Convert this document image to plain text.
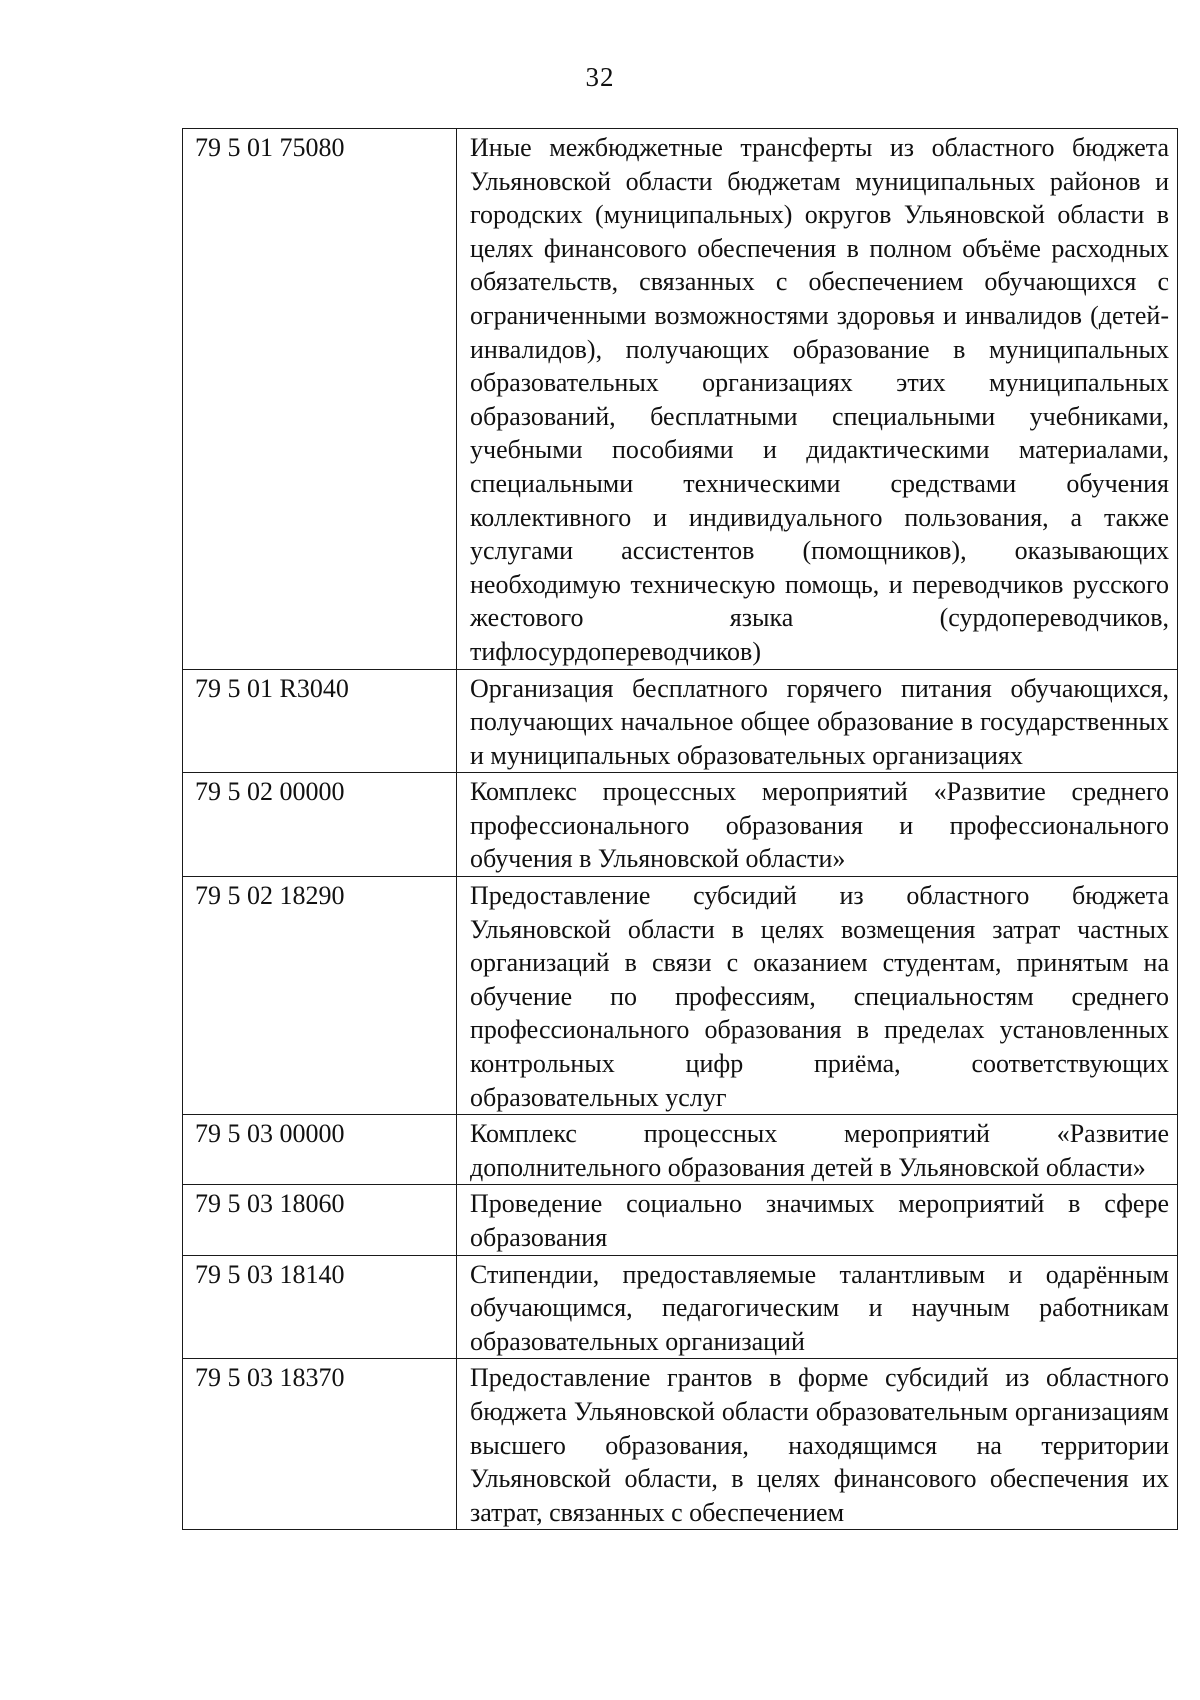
32
79 5 01 75080	Иные межбюджетные трансферты из областного бюджета Ульяновской области бюджетам муниципальных районов и городских (муниципальных) округов Ульяновской области в целях финансового обеспечения в полном объёме расходных обязательств, связанных с обеспечением обучающихся с ограниченными возможностями здоровья и инвалидов (детей-инвалидов), получающих образование в муниципальных образовательных организациях этих муниципальных образований, бесплатными специальными учебниками, учебными пособиями и дидактическими материалами, специальными техническими средствами обучения коллективного и индивидуального пользования, а также услугами ассистентов (помощников), оказывающих необходимую техническую помощь, и переводчиков русского жестового языка (сурдопереводчиков, тифлосурдопереводчиков)
79 5 01 R3040	Организация бесплатного горячего питания обучающихся, получающих начальное общее образование в государственных и муниципальных образовательных организациях
79 5 02 00000	Комплекс процессных мероприятий «Развитие среднего профессионального образования и профессионального обучения в Ульяновской области»
79 5 02 18290	Предоставление субсидий из областного бюджета Ульяновской области в целях возмещения затрат частных организаций в связи с оказанием студентам, принятым на обучение по профессиям, специальностям среднего профессионального образования в пределах установленных контрольных цифр приёма, соответствующих образовательных услуг
79 5 03 00000	Комплекс процессных мероприятий «Развитие дополнительного образования детей в Ульяновской области»
79 5 03 18060	Проведение социально значимых мероприятий в сфере образования
79 5 03 18140	Стипендии, предоставляемые талантливым и одарённым обучающимся, педагогическим и научным работникам образовательных организаций
79 5 03 18370	Предоставление грантов в форме субсидий из областного бюджета Ульяновской области образовательным организациям высшего образования, находящимся на территории Ульяновской области, в целях финансового обеспечения их затрат, связанных с обеспечением
